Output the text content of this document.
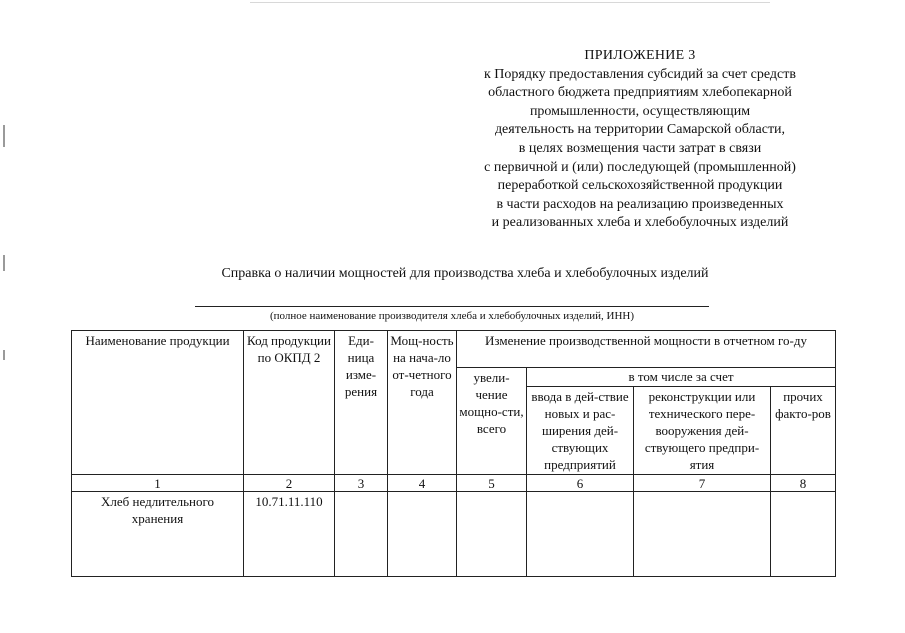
ПРИЛОЖЕНИЕ 3
к Порядку предоставления субсидий за счет средств
областного бюджета предприятиям хлебопекарной
промышленности, осуществляющим
деятельность на территории Самарской области,
в целях возмещения части затрат в связи
с первичной и (или) последующей (промышленной)
переработкой сельскохозяйственной продукции
в части расходов на реализацию произведенных
и реализованных хлеба и хлебобулочных изделий
Справка о наличии мощностей для производства хлеба и хлебобулочных изделий
(полное наименование производителя хлеба и хлебобулочных изделий, ИНН)
Наименование продукции	Код продукции по ОКПД 2	Еди-ница изме-рения	Мощ-ность на нача-ло от-четного года	Изменение производственной мощности в отчетном го-ду			
				увели-чение мощно-сти, всего	в том числе за счет		
					ввода в дей-ствие новых и рас-ширения дей-ствующих предприятий	реконструкции или технического пере-вооружения дей-ствующего предпри-ятия	прочих факто-ров
1	2	3	4	5	6	7	8
Хлеб недлительного хранения	10.71.11.110						
